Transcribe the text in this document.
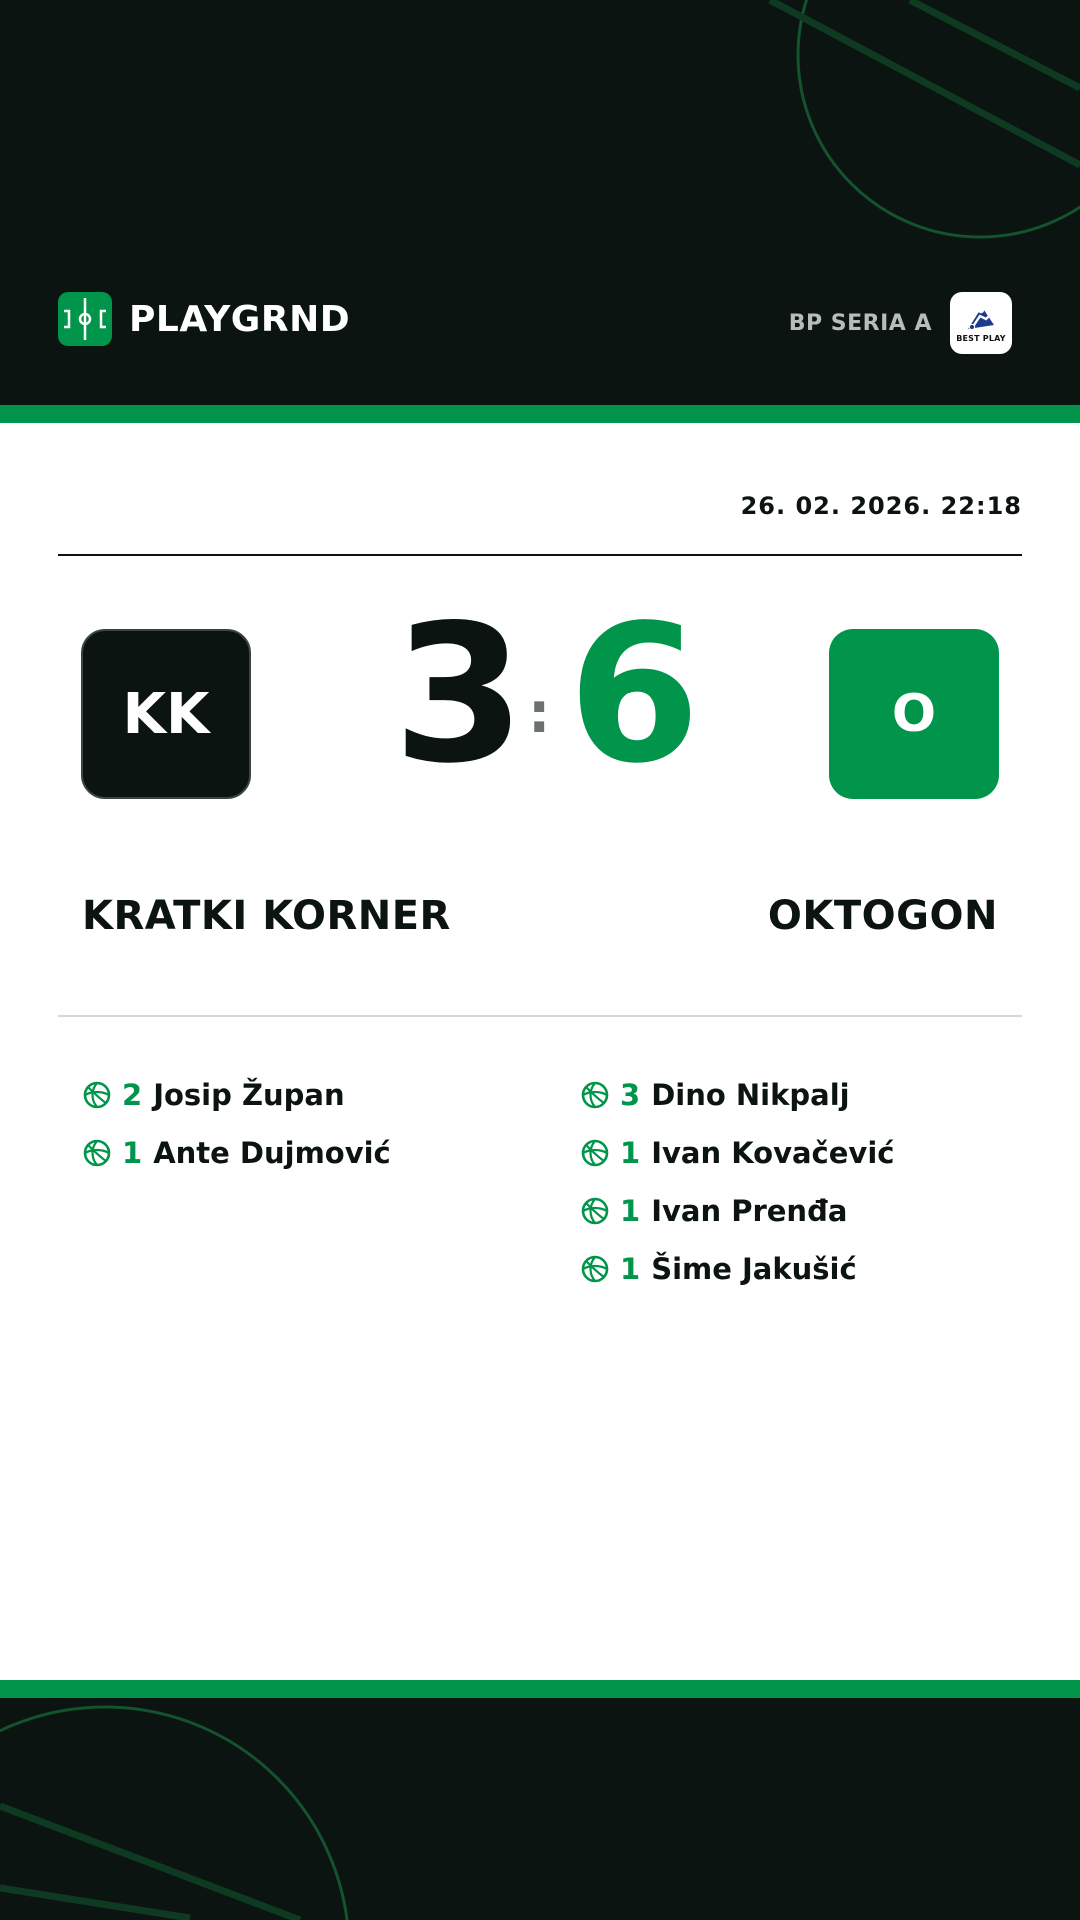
PLAYGRND	BP SERIA A
BEST PLAY
26. 02. 2026. 22:18
KK 3 : 6	O
KRATKI KORNER	OKTOGON
2 Josip Župan
1 Ante Dujmović
3 Dino Nikpalj
1 Ivan Kovačević
1 Ivan Prenđa
1 Šime Jakušić
